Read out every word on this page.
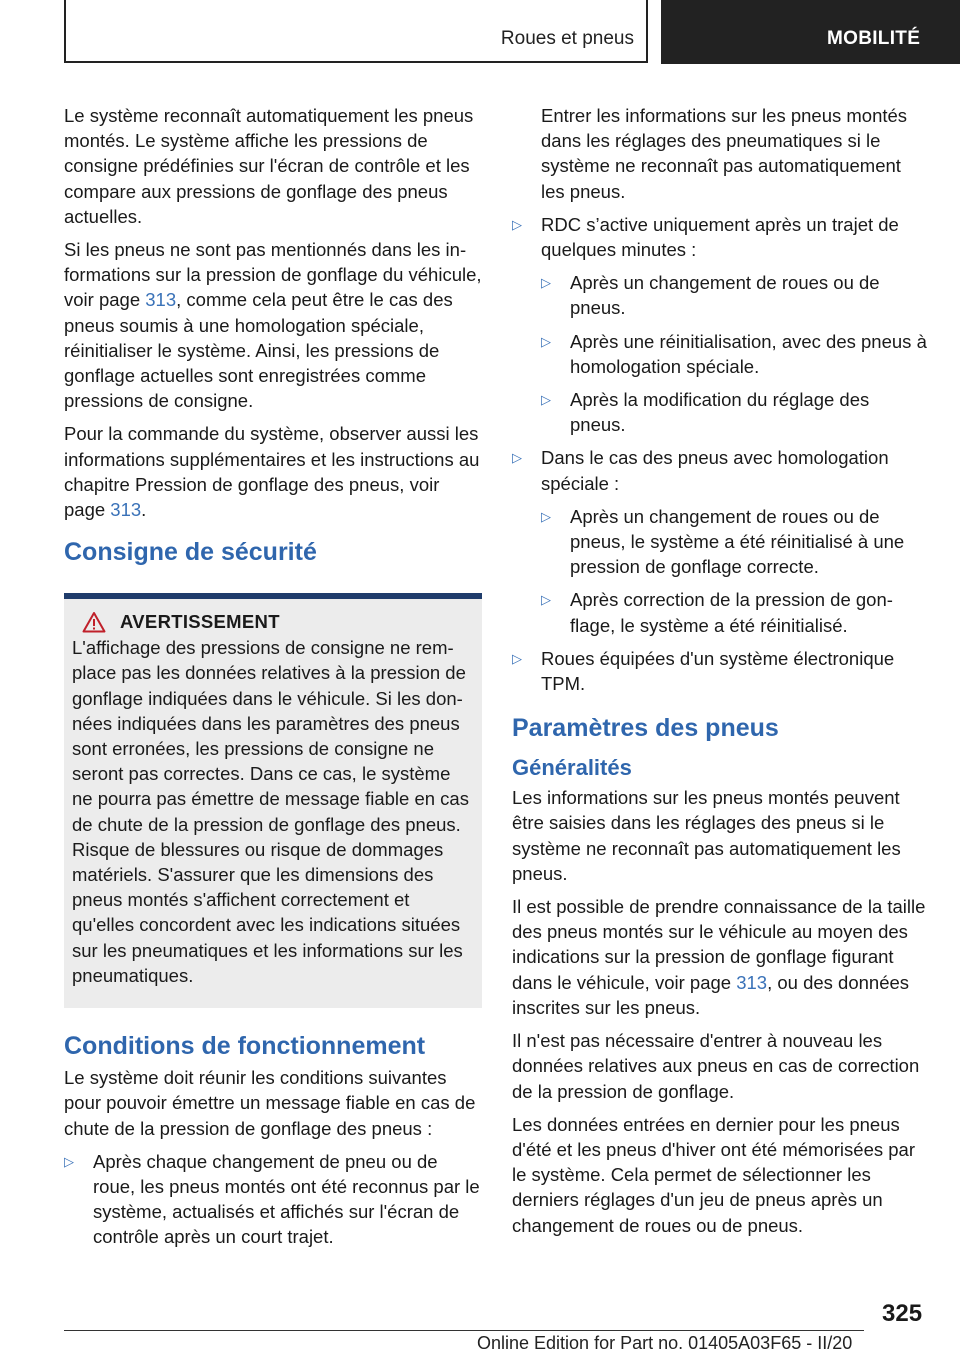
Roues et pneus	MOBILITÉ

Le système reconnaît automatiquement les pneus montés. Le système affiche les pressions de consigne prédéfinies sur l'écran de contrôle et les compare aux pressions de gonflage des pneus actuelles.

Si les pneus ne sont pas mentionnés dans les informations sur la pression de gonflage du véhicule, voir page 313, comme cela peut être le cas des pneus soumis à une homologation spéciale, réinitialiser le système. Ainsi, les pressions de gonflage actuelles sont enregistrées comme pressions de consigne.

Pour la commande du système, observer aussi les informations supplémentaires et les instructions au chapitre Pression de gonflage des pneus, voir page 313.

Consigne de sécurité
AVERTISSEMENT

L'affichage des pressions de consigne ne remplace pas les données relatives à la pression de gonflage indiquées dans le véhicule. Si les données indiquées dans les paramètres des pneus sont erronées, les pressions de consigne ne seront pas correctes. Dans ce cas, le système ne pourra pas émettre de message fiable en cas de chute de la pression de gonflage des pneus. Risque de blessures ou risque de dommages matériels. S'assurer que les dimensions des pneus montés s'affichent correctement et qu'elles concordent avec les indications situées sur les pneumatiques et les informations sur les pneumatiques.

Conditions de fonctionnement

Le système doit réunir les conditions suivantes pour pouvoir émettre un message fiable en cas de chute de la pression de gonflage des pneus :

▷	Après chaque changement de pneu ou de roue, les pneus montés ont été reconnus par le système, actualisés et affichés sur l'écran de contrôle après un court trajet.
Entrer les informations sur les pneus montés dans les réglages des pneumatiques si le système ne reconnaît pas automatiquement les pneus.
▷	RDC s’active uniquement après un trajet de quelques minutes :
▷	Après un changement de roues ou de pneus.
▷	Après une réinitialisation, avec des pneus à homologation spéciale.
▷	Après la modification du réglage des pneus.
▷	Dans le cas des pneus avec homologation spéciale :
▷	Après un changement de roues ou de pneus, le système a été réinitialisé à une pression de gonflage correcte.
▷	Après correction de la pression de gonflage, le système a été réinitialisé.
▷	Roues équipées d'un système électronique TPM.
Paramètres des pneus
Généralités

Les informations sur les pneus montés peuvent être saisies dans les réglages des pneus si le système ne reconnaît pas automatiquement les pneus.

Il est possible de prendre connaissance de la taille des pneus montés sur le véhicule au moyen des indications sur la pression de gonflage figurant dans le véhicule, voir page 313, ou des données inscrites sur les pneus.

Il n'est pas nécessaire d'entrer à nouveau les données relatives aux pneus en cas de correction de la pression de gonflage.

Les données entrées en dernier pour les pneus d'été et les pneus d'hiver ont été mémorisées par le système. Cela permet de sélectionner les derniers réglages d'un jeu de pneus après un changement de roues ou de pneus.

325
Online Edition for Part no. 01405A03F65 - II/20
